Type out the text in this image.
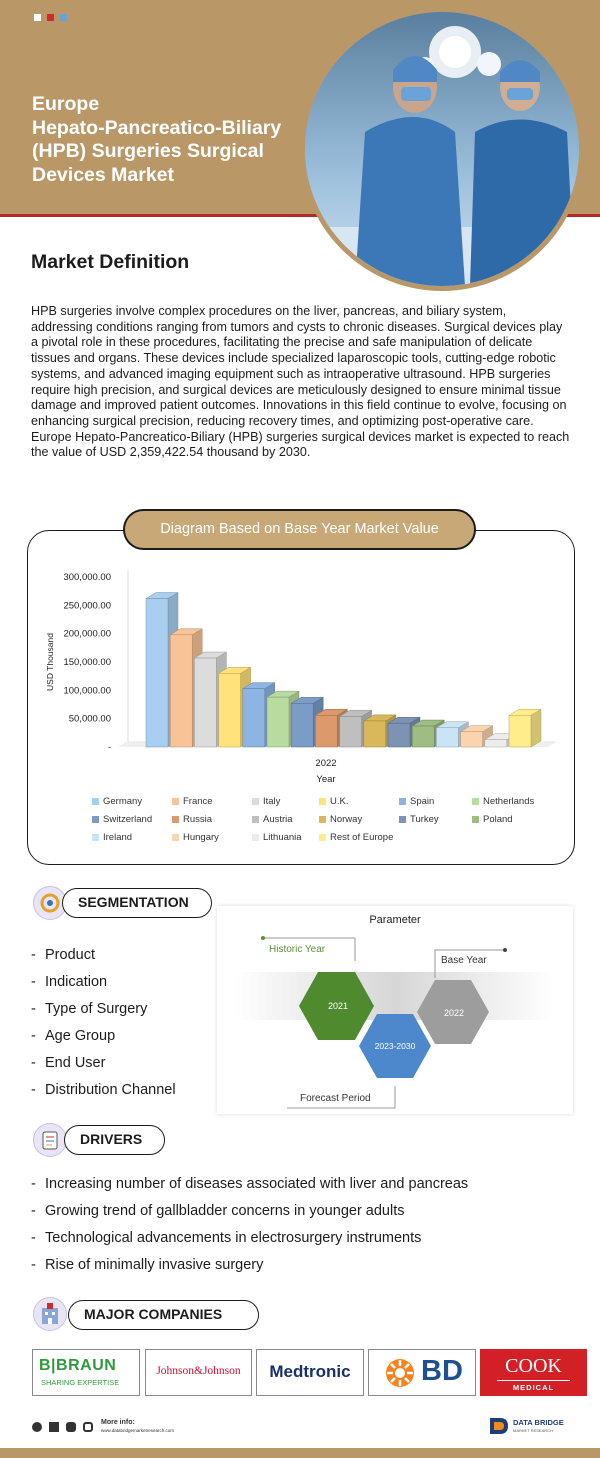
Europe
Hepato-Pancreatico-Biliary
(HPB) Surgeries Surgical
Devices Market
Market Definition

HPB surgeries involve complex procedures on the liver, pancreas, and biliary system, addressing conditions ranging from tumors and cysts to chronic diseases. Surgical devices play a pivotal role in these procedures, facilitating the precise and safe manipulation of delicate tissues and organs. These devices include specialized laparoscopic tools, cutting-edge robotic systems, and advanced imaging equipment such as intraoperative ultrasound. HPB surgeries require high precision, and surgical devices are meticulously designed to ensure minimal tissue damage and improved patient outcomes. Innovations in this field continue to evolve, focusing on enhancing surgical precision, reducing recovery times, and optimizing post-operative care. Europe Hepato-Pancreatico-Biliary (HPB) surgeries surgical devices market is expected to reach the value of USD 2,359,422.54 thousand by 2030.

Diagram Based on Base Year Market Value
300,000.00
250,000.00
200,000.00
150,000.00
100,000.00
50,000.00
-
USD Thousand
2022
Year
Germany	France	Italy	U.K.	Spain	Netherlands
Switzerland	Russia	Austria	Norway	Turkey	Poland
Ireland	Hungary	Lithuania	Rest of Europe
SEGMENTATION
- Product
- Indication
- Type of Surgery
- Age Group
- End User
- Distribution Channel
Parameter
Historic Year
2021
Base Year
2022
2023-2030
Forecast Period
DRIVERS
- Increasing number of diseases associated with liver and pancreas
- Growing trend of gallbladder concerns in younger adults
- Technological advancements in electrosurgery instruments
- Rise of minimally invasive surgery
MAJOR COMPANIES
B|BRAUN
SHARING EXPERTISE
Johnson&Johnson	Medtronic	BD	COOK
MEDICAL
More info:
www.databridgemarketresearch.com
DATA BRIDGE
MARKET RESEARCH
